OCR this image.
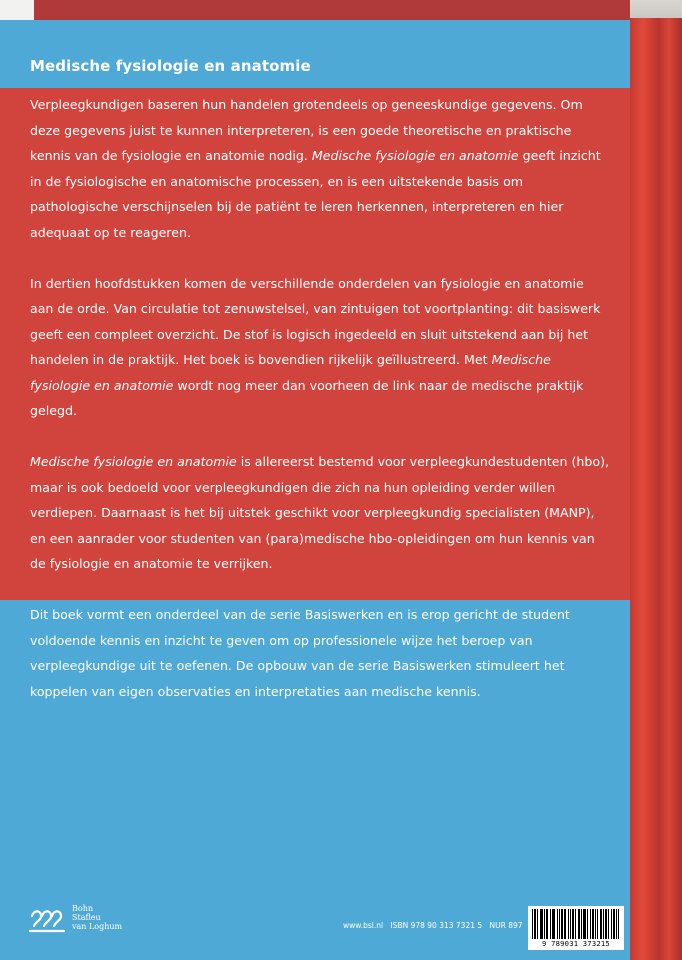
Medische fysiologie en anatomie

Verpleegkundigen baseren hun handelen grotendeels op geneeskundige gegevens. Om deze gegevens juist te kunnen interpreteren, is een goede theoretische en praktische kennis van de fysiologie en anatomie nodig. Medische fysiologie en anatomie geeft inzicht in de fysiologische en anatomische processen, en is een uitstekende basis om pathologische verschijnselen bij de patiënt te leren herkennen, interpreteren en hier adequaat op te reageren.

In dertien hoofdstukken komen de verschillende onderdelen van fysiologie en anatomie aan de orde. Van circulatie tot zenuwstelsel, van zintuigen tot voortplanting: dit basiswerk geeft een compleet overzicht. De stof is logisch ingedeeld en sluit uitstekend aan bij het handelen in de praktijk. Het boek is bovendien rijkelijk geïllustreerd. Met Medische fysiologie en anatomie wordt nog meer dan voorheen de link naar de medische praktijk gelegd.

Medische fysiologie en anatomie is allereerst bestemd voor verpleegkundestudenten (hbo), maar is ook bedoeld voor verpleegkundigen die zich na hun opleiding verder willen verdiepen. Daarnaast is het bij uitstek geschikt voor verpleegkundig specialisten (MANP), en een aanrader voor studenten van (para)medische hbo-opleidingen om hun kennis van de fysiologie en anatomie te verrijken.

Dit boek vormt een onderdeel van de serie Basiswerken en is erop gericht de student voldoende kennis en inzicht te geven om op professionele wijze het beroep van verpleegkundige uit te oefenen. De opbouw van de serie Basiswerken stimuleert het koppelen van eigen observaties en interpretaties aan medische kennis.

Bohn
Stafleu
van Loghum	www.bsl.nl ISBN 978 90 313 7321 5 NUR 897
9 789031 373215
